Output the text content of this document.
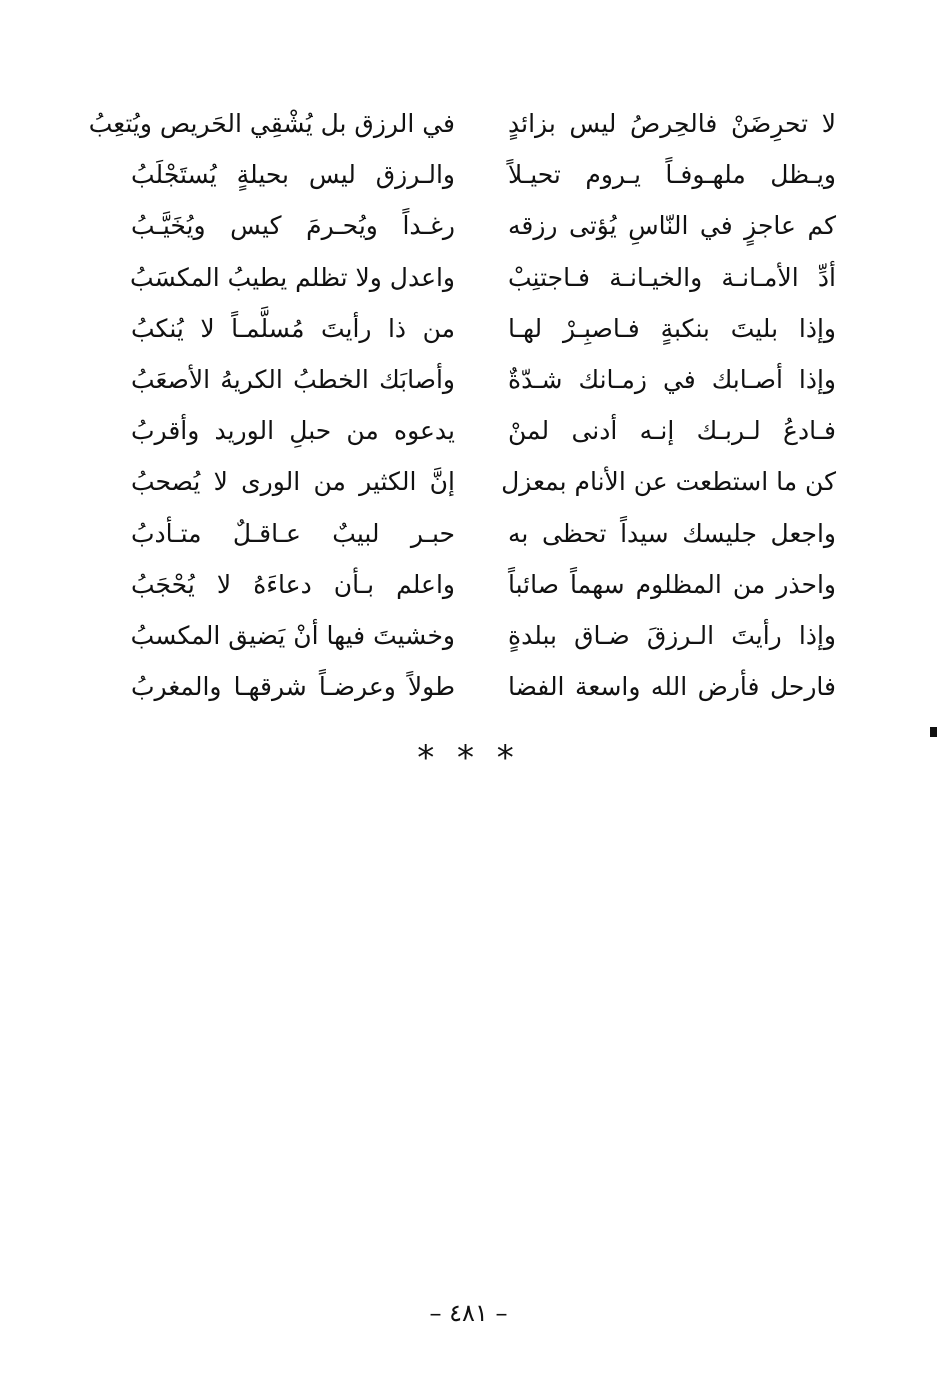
لا تحرِضَنْ فالحِرصُ ليس بزائدٍ
في الرزق بل يُشْقِي الحَريص ويُتعِبُ
ويـظل ملهـوفـاً يـروم تحيـلاً
والـرزق ليس بحيلةٍ يُستَجْلَبُ
كم عاجزٍ في النّاسِ يُؤتى رزقه
رغـداً ويُحـرمَ كيس ويُخَيَّـبُ
أدِّ الأمـانـة والخيـانـة فـاجتنِبْ
واعدل ولا تظلم يطيبُ المكسَبُ
وإذا بليتَ بنكبةٍ فـاصبِـرْ لهـا
من ذا رأيتَ مُسلَّمـاً لا يُنكبُ
وإذا أصـابك في زمـانك شـدّةٌ
وأصابَك الخطبُ الكريهُ الأصعَبُ
فـادعُ لـربـك إنـه أدنى لمنْ
يدعوه من حبلِ الوريد وأقربُ
كن ما استطعت عن الأنام بمعزل
إنَّ الكثير من الورى لا يُصحبُ
واجعل جليسك سيداً تحظى به
حبـر لبيبٌ عـاقـلٌ متـأدبُ
واحذر من المظلوم سهماً صائباً
واعلم بـأن دعاءَهُ لا يُحْجَبُ
وإذا رأيتَ الـرزقَ ضـاق ببلدةٍ
وخشيتَ فيها أنْ يَضيق المكسبُ
فارحل فأرض الله واسعة الفضا
طولاً وعرضـاً شرقهـا والمغربُ
* * *
– ٤٨١ –
